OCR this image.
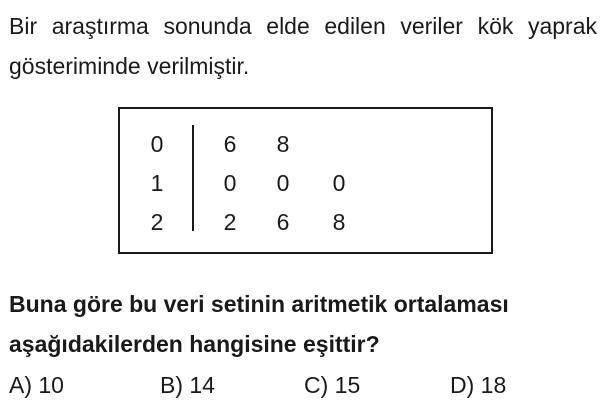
Bir araştırma sonunda elde edilen veriler kök yaprak gösteriminde verilmiştir.

0	6 8
1	0 0 0
2	2 6 8

Buna göre bu veri setinin aritmetik ortalaması aşağıdakilerden hangisine eşittir?

A) 10	B) 14	C) 15	D) 18
